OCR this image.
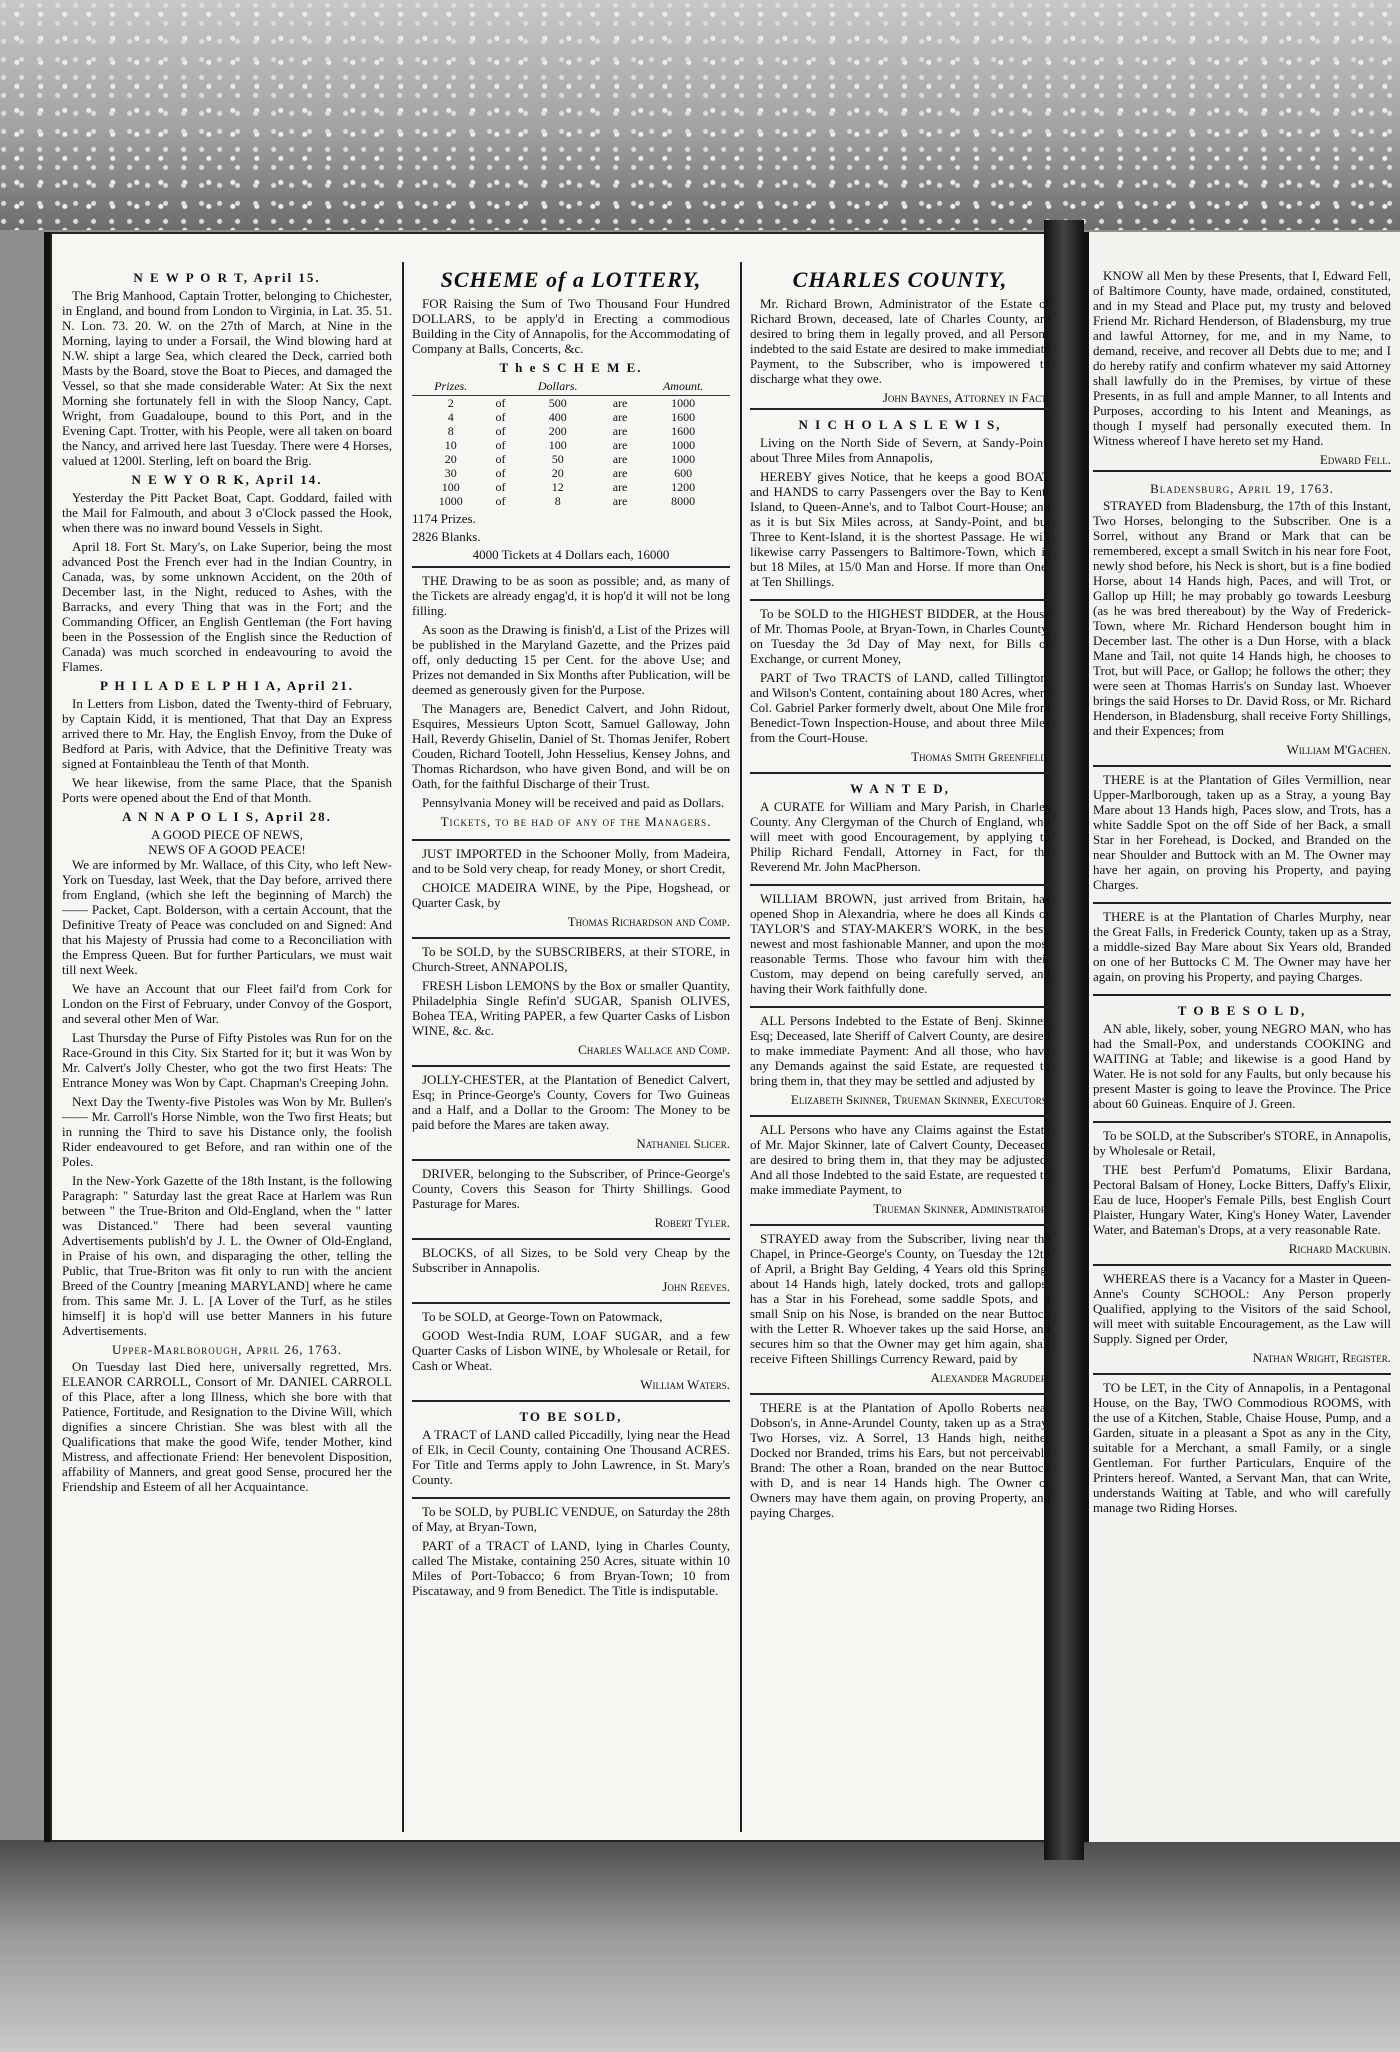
N E W P O R T, April 15.

The Brig Manhood, Captain Trotter, belonging to Chichester, in England, and bound from London to Virginia, in Lat. 35. 51. N. Lon. 73. 20. W. on the 27th of March, at Nine in the Morning, laying to under a Forsail, the Wind blowing hard at N.W. shipt a large Sea, which cleared the Deck, carried both Masts by the Board, stove the Boat to Pieces, and damaged the Vessel, so that she made considerable Water: At Six the next Morning she fortunately fell in with the Sloop Nancy, Capt. Wright, from Guadaloupe, bound to this Port, and in the Evening Capt. Trotter, with his People, were all taken on board the Nancy, and arrived here last Tuesday. There were 4 Horses, valued at 1200l. Sterling, left on board the Brig.

N E W Y O R K, April 14.

Yesterday the Pitt Packet Boat, Capt. Goddard, failed with the Mail for Falmouth, and about 3 o'Clock passed the Hook, when there was no inward bound Vessels in Sight.

April 18. Fort St. Mary's, on Lake Superior, being the most advanced Post the French ever had in the Indian Country, in Canada, was, by some unknown Accident, on the 20th of December last, in the Night, reduced to Ashes, with the Barracks, and every Thing that was in the Fort; and the Commanding Officer, an English Gentleman (the Fort having been in the Possession of the English since the Reduction of Canada) was much scorched in endeavouring to avoid the Flames.

P H I L A D E L P H I A, April 21.

In Letters from Lisbon, dated the Twenty-third of February, by Captain Kidd, it is mentioned, That that Day an Express arrived there to Mr. Hay, the English Envoy, from the Duke of Bedford at Paris, with Advice, that the Definitive Treaty was signed at Fontainbleau the Tenth of that Month.

We hear likewise, from the same Place, that the Spanish Ports were opened about the End of that Month.

A N N A P O L I S, April 28.
A GOOD PIECE OF NEWS,
NEWS OF A GOOD PEACE!

We are informed by Mr. Wallace, of this City, who left New-York on Tuesday, last Week, that the Day before, arrived there from England, (which she left the beginning of March) the —— Packet, Capt. Bolderson, with a certain Account, that the Definitive Treaty of Peace was concluded on and Signed: And that his Majesty of Prussia had come to a Reconciliation with the Empress Queen. But for further Particulars, we must wait till next Week.

We have an Account that our Fleet fail'd from Cork for London on the First of February, under Convoy of the Gosport, and several other Men of War.

Last Thursday the Purse of Fifty Pistoles was Run for on the Race-Ground in this City. Six Started for it; but it was Won by Mr. Calvert's Jolly Chester, who got the two first Heats: The Entrance Money was Won by Capt. Chapman's Creeping John.

Next Day the Twenty-five Pistoles was Won by Mr. Bullen's —— Mr. Carroll's Horse Nimble, won the Two first Heats; but in running the Third to save his Distance only, the foolish Rider endeavoured to get Before, and ran within one of the Poles.

In the New-York Gazette of the 18th Instant, is the following Paragraph: " Saturday last the great Race at Harlem was Run between " the True-Briton and Old-England, when the " latter was Distanced." There had been several vaunting Advertisements publish'd by J. L. the Owner of Old-England, in Praise of his own, and disparaging the other, telling the Public, that True-Briton was fit only to run with the ancient Breed of the Country [meaning MARYLAND] where he came from. This same Mr. J. L. [A Lover of the Turf, as he stiles himself] it is hop'd will use better Manners in his future Advertisements.

Upper-Marlborough, April 26, 1763.

On Tuesday last Died here, universally regretted, Mrs. ELEANOR CARROLL, Consort of Mr. DANIEL CARROLL of this Place, after a long Illness, which she bore with that Patience, Fortitude, and Resignation to the Divine Will, which dignifies a sincere Christian. She was blest with all the Qualifications that make the good Wife, tender Mother, kind Mistress, and affectionate Friend: Her benevolent Disposition, affability of Manners, and great good Sense, procured her the Friendship and Esteem of all her Acquaintance.

SCHEME of a LOTTERY,

FOR Raising the Sum of Two Thousand Four Hundred DOLLARS, to be apply'd in Erecting a commodious Building in the City of Annapolis, for the Accommodating of Company at Balls, Concerts, &c.

T h e S C H E M E.
Prizes.		Dollars.		Amount.
2	of	500	are	1000
4	of	400	are	1600
8	of	200	are	1600
10	of	100	are	1000
20	of	50	are	1000
30	of	20	are	600
100	of	12	are	1200
1000	of	8	are	8000
1174 Prizes.
2826 Blanks.
4000 Tickets at 4 Dollars each, 16000

THE Drawing to be as soon as possible; and, as many of the Tickets are already engag'd, it is hop'd it will not be long filling.

As soon as the Drawing is finish'd, a List of the Prizes will be published in the Maryland Gazette, and the Prizes paid off, only deducting 15 per Cent. for the above Use; and Prizes not demanded in Six Months after Publication, will be deemed as generously given for the Purpose.

The Managers are, Benedict Calvert, and John Ridout, Esquires, Messieurs Upton Scott, Samuel Galloway, John Hall, Reverdy Ghiselin, Daniel of St. Thomas Jenifer, Robert Couden, Richard Tootell, John Hesselius, Kensey Johns, and Thomas Richardson, who have given Bond, and will be on Oath, for the faithful Discharge of their Trust.

Pennsylvania Money will be received and paid as Dollars.

Tickets, to be had of any of the Managers.

JUST IMPORTED in the Schooner Molly, from Madeira, and to be Sold very cheap, for ready Money, or short Credit,

CHOICE MADEIRA WINE, by the Pipe, Hogshead, or Quarter Cask, by

Thomas Richardson and Comp.

To be SOLD, by the SUBSCRIBERS, at their STORE, in Church-Street, ANNAPOLIS,

FRESH Lisbon LEMONS by the Box or smaller Quantity, Philadelphia Single Refin'd SUGAR, Spanish OLIVES, Bohea TEA, Writing PAPER, a few Quarter Casks of Lisbon WINE, &c. &c.

Charles Wallace and Comp.

JOLLY-CHESTER, at the Plantation of Benedict Calvert, Esq; in Prince-George's County, Covers for Two Guineas and a Half, and a Dollar to the Groom: The Money to be paid before the Mares are taken away.

Nathaniel Slicer.

DRIVER, belonging to the Subscriber, of Prince-George's County, Covers this Season for Thirty Shillings. Good Pasturage for Mares.

Robert Tyler.

BLOCKS, of all Sizes, to be Sold very Cheap by the Subscriber in Annapolis.

John Reeves.

To be SOLD, at George-Town on Patowmack,

GOOD West-India RUM, LOAF SUGAR, and a few Quarter Casks of Lisbon WINE, by Wholesale or Retail, for Cash or Wheat.

William Waters.
TO BE SOLD,

A TRACT of LAND called Piccadilly, lying near the Head of Elk, in Cecil County, containing One Thousand ACRES. For Title and Terms apply to John Lawrence, in St. Mary's County.

To be SOLD, by PUBLIC VENDUE, on Saturday the 28th of May, at Bryan-Town,

PART of a TRACT of LAND, lying in Charles County, called The Mistake, containing 250 Acres, situate within 10 Miles of Port-Tobacco; 6 from Bryan-Town; 10 from Piscataway, and 9 from Benedict. The Title is indisputable.

CHARLES COUNTY,

Mr. Richard Brown, Administrator of the Estate of Richard Brown, deceased, late of Charles County, are desired to bring them in legally proved, and all Persons indebted to the said Estate are desired to make immediate Payment, to the Subscriber, who is impowered to discharge what they owe.

John Baynes, Attorney in Fact.
N I C H O L A S L E W I S,

Living on the North Side of Severn, at Sandy-Point, about Three Miles from Annapolis,

HEREBY gives Notice, that he keeps a good BOAT and HANDS to carry Passengers over the Bay to Kent-Island, to Queen-Anne's, and to Talbot Court-House; and as it is but Six Miles across, at Sandy-Point, and but Three to Kent-Island, it is the shortest Passage. He will likewise carry Passengers to Baltimore-Town, which is but 18 Miles, at 15/0 Man and Horse. If more than One, at Ten Shillings.

To be SOLD to the HIGHEST BIDDER, at the House of Mr. Thomas Poole, at Bryan-Town, in Charles County, on Tuesday the 3d Day of May next, for Bills of Exchange, or current Money,

PART of Two TRACTS of LAND, called Tillington, and Wilson's Content, containing about 180 Acres, where Col. Gabriel Parker formerly dwelt, about One Mile from Benedict-Town Inspection-House, and about three Miles from the Court-House.

Thomas Smith Greenfield.
W A N T E D,

A CURATE for William and Mary Parish, in Charles County. Any Clergyman of the Church of England, who will meet with good Encouragement, by applying to Philip Richard Fendall, Attorney in Fact, for the Reverend Mr. John MacPherson.

WILLIAM BROWN, just arrived from Britain, has opened Shop in Alexandria, where he does all Kinds of TAYLOR'S and STAY-MAKER'S WORK, in the best, newest and most fashionable Manner, and upon the most reasonable Terms. Those who favour him with their Custom, may depend on being carefully served, and having their Work faithfully done.

ALL Persons Indebted to the Estate of Benj. Skinner, Esq; Deceased, late Sheriff of Calvert County, are desired to make immediate Payment: And all those, who have any Demands against the said Estate, are requested to bring them in, that they may be settled and adjusted by

Elizabeth Skinner, Trueman Skinner, Executors.

ALL Persons who have any Claims against the Estate of Mr. Major Skinner, late of Calvert County, Deceased, are desired to bring them in, that they may be adjusted: And all those Indebted to the said Estate, are requested to make immediate Payment, to

Trueman Skinner, Administrator.

STRAYED away from the Subscriber, living near the Chapel, in Prince-George's County, on Tuesday the 12th of April, a Bright Bay Gelding, 4 Years old this Spring, about 14 Hands high, lately docked, trots and gallops; has a Star in his Forehead, some saddle Spots, and a small Snip on his Nose, is branded on the near Buttock with the Letter R. Whoever takes up the said Horse, and secures him so that the Owner may get him again, shall receive Fifteen Shillings Currency Reward, paid by

Alexander Magruder.

THERE is at the Plantation of Apollo Roberts near Dobson's, in Anne-Arundel County, taken up as a Stray, Two Horses, viz. A Sorrel, 13 Hands high, neither Docked nor Branded, trims his Ears, but not perceivable Brand: The other a Roan, branded on the near Buttock with D, and is near 14 Hands high. The Owner or Owners may have them again, on proving Property, and paying Charges.

KNOW all Men by these Presents, that I, Edward Fell, of Baltimore County, have made, ordained, constituted, and in my Stead and Place put, my trusty and beloved Friend Mr. Richard Henderson, of Bladensburg, my true and lawful Attorney, for me, and in my Name, to demand, receive, and recover all Debts due to me; and I do hereby ratify and confirm whatever my said Attorney shall lawfully do in the Premises, by virtue of these Presents, in as full and ample Manner, to all Intents and Purposes, according to his Intent and Meanings, as though I myself had personally executed them. In Witness whereof I have hereto set my Hand.

Edward Fell.
Bladensburg, April 19, 1763.

STRAYED from Bladensburg, the 17th of this Instant, Two Horses, belonging to the Subscriber. One is a Sorrel, without any Brand or Mark that can be remembered, except a small Switch in his near fore Foot, newly shod before, his Neck is short, but is a fine bodied Horse, about 14 Hands high, Paces, and will Trot, or Gallop up Hill; he may probably go towards Leesburg (as he was bred thereabout) by the Way of Frederick-Town, where Mr. Richard Henderson bought him in December last. The other is a Dun Horse, with a black Mane and Tail, not quite 14 Hands high, he chooses to Trot, but will Pace, or Gallop; he follows the other; they were seen at Thomas Harris's on Sunday last. Whoever brings the said Horses to Dr. David Ross, or Mr. Richard Henderson, in Bladensburg, shall receive Forty Shillings, and their Expences; from

William M'Gachen.

THERE is at the Plantation of Giles Vermillion, near Upper-Marlborough, taken up as a Stray, a young Bay Mare about 13 Hands high, Paces slow, and Trots, has a white Saddle Spot on the off Side of her Back, a small Star in her Forehead, is Docked, and Branded on the near Shoulder and Buttock with an M. The Owner may have her again, on proving his Property, and paying Charges.

THERE is at the Plantation of Charles Murphy, near the Great Falls, in Frederick County, taken up as a Stray, a middle-sized Bay Mare about Six Years old, Branded on one of her Buttocks C M. The Owner may have her again, on proving his Property, and paying Charges.

T O B E S O L D,

AN able, likely, sober, young NEGRO MAN, who has had the Small-Pox, and understands COOKING and WAITING at Table; and likewise is a good Hand by Water. He is not sold for any Faults, but only because his present Master is going to leave the Province. The Price about 60 Guineas. Enquire of J. Green.

To be SOLD, at the Subscriber's STORE, in Annapolis, by Wholesale or Retail,

THE best Perfum'd Pomatums, Elixir Bardana, Pectoral Balsam of Honey, Locke Bitters, Daffy's Elixir, Eau de luce, Hooper's Female Pills, best English Court Plaister, Hungary Water, King's Honey Water, Lavender Water, and Bateman's Drops, at a very reasonable Rate.

Richard Mackubin.

WHEREAS there is a Vacancy for a Master in Queen-Anne's County SCHOOL: Any Person properly Qualified, applying to the Visitors of the said School, will meet with suitable Encouragement, as the Law will Supply. Signed per Order,

Nathan Wright, Register.

TO be LET, in the City of Annapolis, in a Pentagonal House, on the Bay, TWO Commodious ROOMS, with the use of a Kitchen, Stable, Chaise House, Pump, and a Garden, situate in a pleasant a Spot as any in the City, suitable for a Merchant, a small Family, or a single Gentleman. For further Particulars, Enquire of the Printers hereof. Wanted, a Servant Man, that can Write, understands Waiting at Table, and who will carefully manage two Riding Horses.
